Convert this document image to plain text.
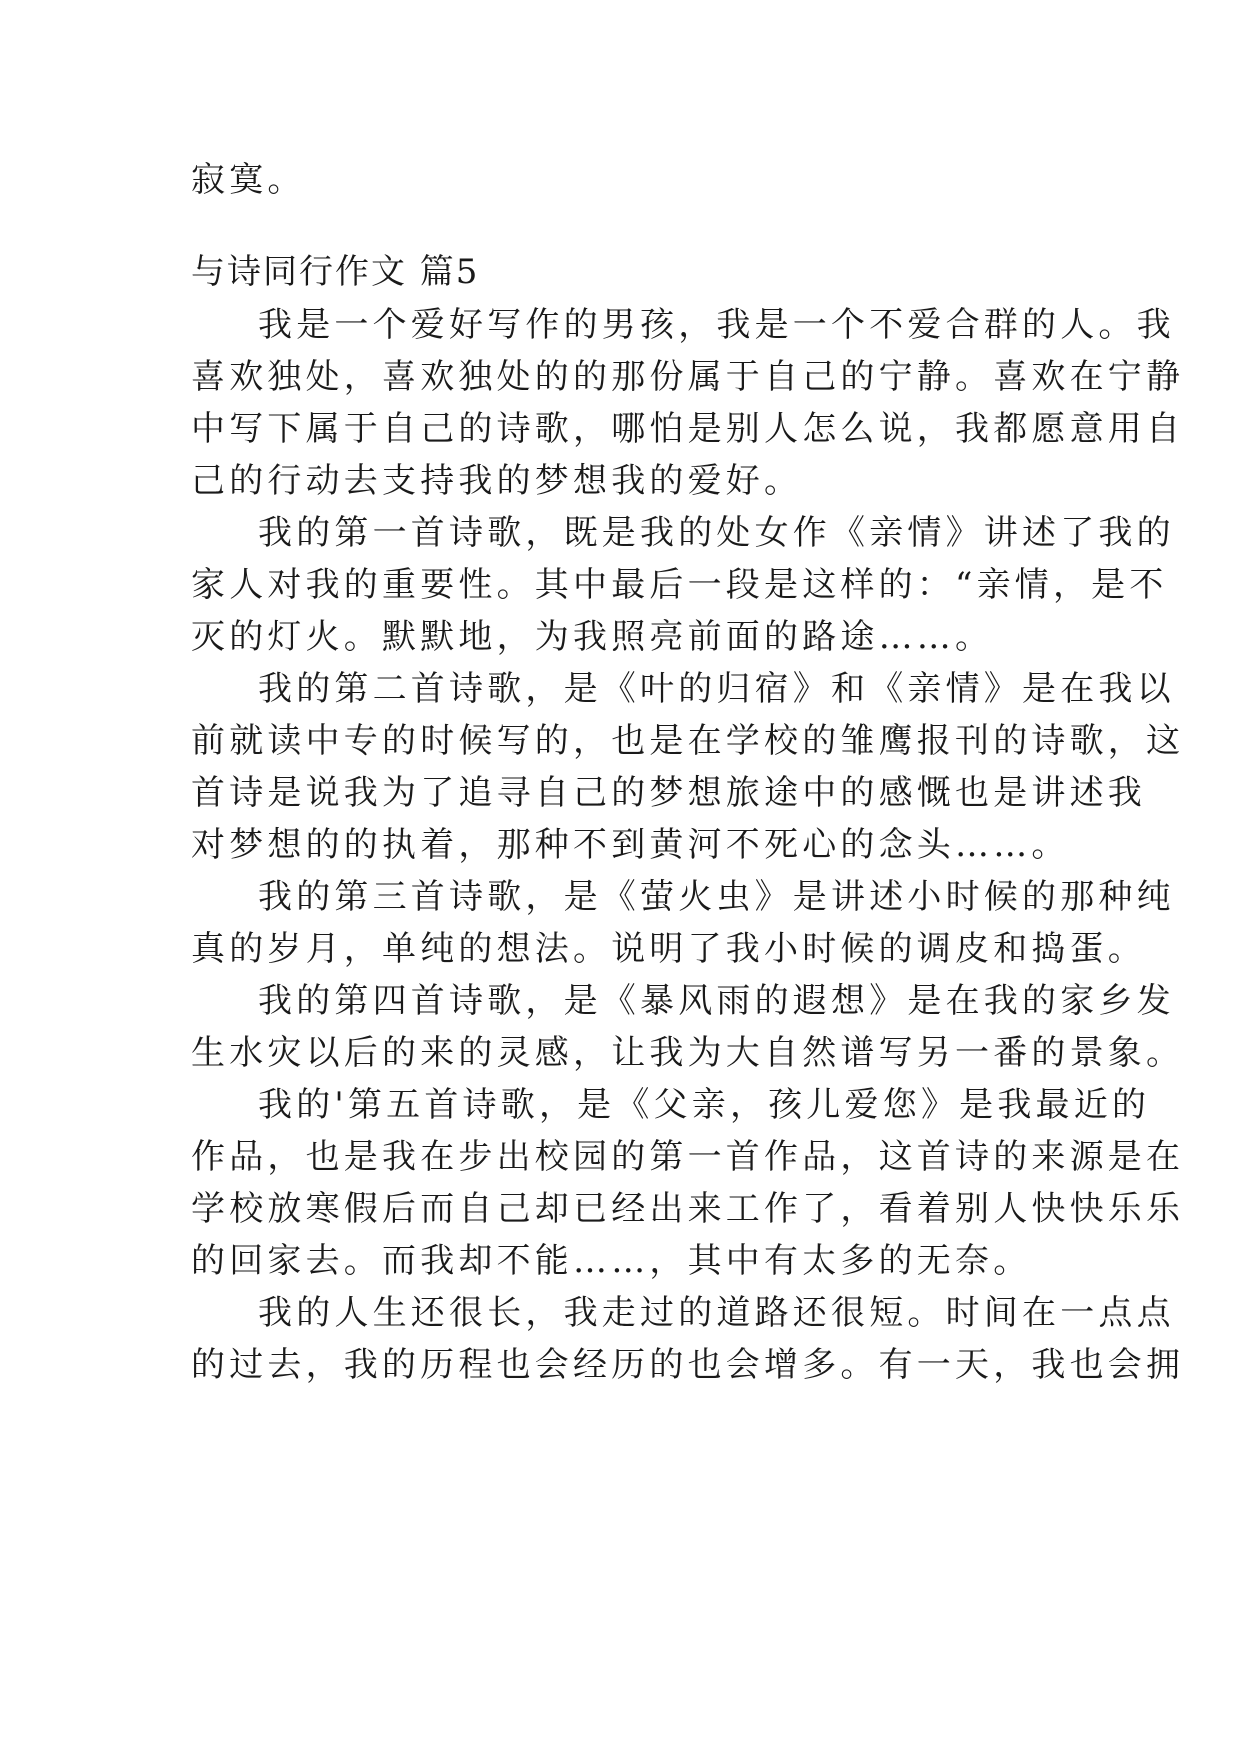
寂寞。
与诗同行作文 篇5
我是一个爱好写作的男孩，我是一个不爱合群的人。我
喜欢独处，喜欢独处的的那份属于自己的宁静。喜欢在宁静
中写下属于自己的诗歌，哪怕是别人怎么说，我都愿意用自
己的行动去支持我的梦想我的爱好。
我的第一首诗歌，既是我的处女作《亲情》讲述了我的
家人对我的重要性。其中最后一段是这样的：“亲情，是不
灭的灯火。默默地，为我照亮前面的路途……。
我的第二首诗歌，是《叶的归宿》和《亲情》是在我以
前就读中专的时候写的，也是在学校的雏鹰报刊的诗歌，这
首诗是说我为了追寻自己的梦想旅途中的感慨也是讲述我
对梦想的的执着，那种不到黄河不死心的念头……。
我的第三首诗歌，是《萤火虫》是讲述小时候的那种纯
真的岁月，单纯的想法。说明了我小时候的调皮和捣蛋。
我的第四首诗歌，是《暴风雨的遐想》是在我的家乡发
生水灾以后的来的灵感，让我为大自然谱写另一番的景象。
我的'第五首诗歌，是《父亲，孩儿爱您》是我最近的
作品，也是我在步出校园的第一首作品，这首诗的来源是在
学校放寒假后而自己却已经出来工作了，看着别人快快乐乐
的回家去。而我却不能……，其中有太多的无奈。
我的人生还很长，我走过的道路还很短。时间在一点点
的过去，我的历程也会经历的也会增多。有一天，我也会拥
